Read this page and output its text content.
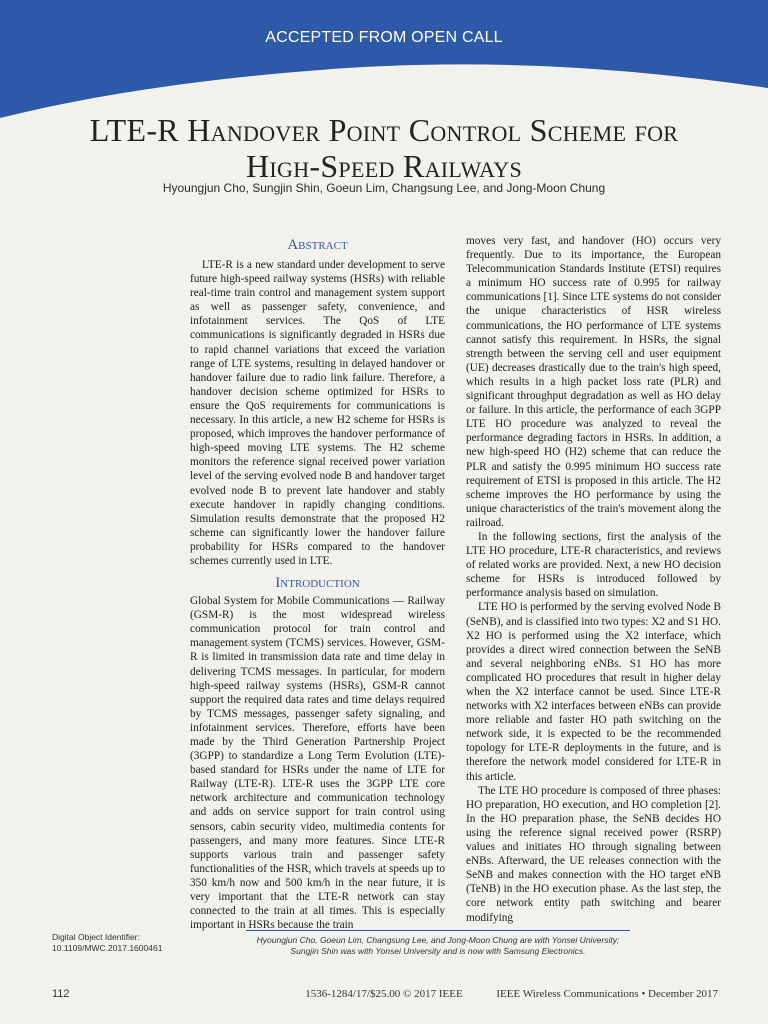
ACCEPTED FROM OPEN CALL
LTE-R Handover Point Control Scheme for
High-Speed Railways
Hyoungjun Cho, Sungjin Shin, Goeun Lim, Changsung Lee, and Jong-Moon Chung
Abstract

LTE-R is a new standard under development to serve future high-speed railway systems (HSRs) with reliable real-time train control and management system support as well as passenger safety, convenience, and infotainment services. The QoS of LTE communications is significantly degraded in HSRs due to rapid channel variations that exceed the variation range of LTE systems, resulting in delayed handover or handover failure due to radio link failure. Therefore, a handover decision scheme optimized for HSRs to ensure the QoS requirements for communications is necessary. In this article, a new H2 scheme for HSRs is proposed, which improves the handover performance of high-speed moving LTE systems. The H2 scheme monitors the reference signal received power variation level of the serving evolved node B and handover target evolved node B to prevent late handover and stably execute handover in rapidly changing conditions. Simulation results demonstrate that the proposed H2 scheme can significantly lower the handover failure probability for HSRs compared to the handover schemes currently used in LTE.

Introduction

Global System for Mobile Communications — Railway (GSM-R) is the most widespread wireless communication protocol for train control and management system (TCMS) services. However, GSM-R is limited in transmission data rate and time delay in delivering TCMS messages. In particular, for modern high-speed railway systems (HSRs), GSM-R cannot support the required data rates and time delays required by TCMS messages, passenger safety signaling, and infotainment services. Therefore, efforts have been made by the Third Generation Partnership Project (3GPP) to standardize a Long Term Evolution (LTE)-based standard for HSRs under the name of LTE for Railway (LTE-R). LTE-R uses the 3GPP LTE core network architecture and communication technology and adds on service support for train control using sensors, cabin security video, multimedia contents for passengers, and many more features. Since LTE-R supports various train and passenger safety functionalities of the HSR, which travels at speeds up to 350 km/h now and 500 km/h in the near future, it is very important that the LTE-R network can stay connected to the train at all times. This is especially important in HSRs because the train

moves very fast, and handover (HO) occurs very frequently. Due to its importance, the European Telecommunication Standards Institute (ETSI) requires a minimum HO success rate of 0.995 for railway communications [1]. Since LTE systems do not consider the unique characteristics of HSR wireless communications, the HO performance of LTE systems cannot satisfy this requirement. In HSRs, the signal strength between the serving cell and user equipment (UE) decreases drastically due to the train's high speed, which results in a high packet loss rate (PLR) and significant throughput degradation as well as HO delay or failure. In this article, the performance of each 3GPP LTE HO procedure was analyzed to reveal the performance degrading factors in HSRs. In addition, a new high-speed HO (H2) scheme that can reduce the PLR and satisfy the 0.995 minimum HO success rate requirement of ETSI is proposed in this article. The H2 scheme improves the HO performance by using the unique characteristics of the train's movement along the railroad.

In the following sections, first the analysis of the LTE HO procedure, LTE-R characteristics, and reviews of related works are provided. Next, a new HO decision scheme for HSRs is introduced followed by performance analysis based on simulation.

LTE HO is performed by the serving evolved Node B (SeNB), and is classified into two types: X2 and S1 HO. X2 HO is performed using the X2 interface, which provides a direct wired connection between the SeNB and several neighboring eNBs. S1 HO has more complicated HO procedures that result in higher delay when the X2 interface cannot be used. Since LTE-R networks with X2 interfaces between eNBs can provide more reliable and faster HO path switching on the network side, it is expected to be the recommended topology for LTE-R deployments in the future, and is therefore the network model considered for LTE-R in this article.

The LTE HO procedure is composed of three phases: HO preparation, HO execution, and HO completion [2]. In the HO preparation phase, the SeNB decides HO using the reference signal received power (RSRP) values and initiates HO through signaling between eNBs. Afterward, the UE releases connection with the SeNB and makes connection with the HO target eNB (TeNB) in the HO execution phase. As the last step, the core network entity path switching and bearer modifying

Digital Object Identifier:
10.1109/MWC.2017.1600461
Hyoungjun Cho, Goeun Lim, Changsung Lee, and Jong-Moon Chung are with Yonsei University;
Sungjin Shin was with Yonsei University and is now with Samsung Electronics.
112	1536-1284/17/$25.00 © 2017 IEEE	IEEE Wireless Communications • December 2017
